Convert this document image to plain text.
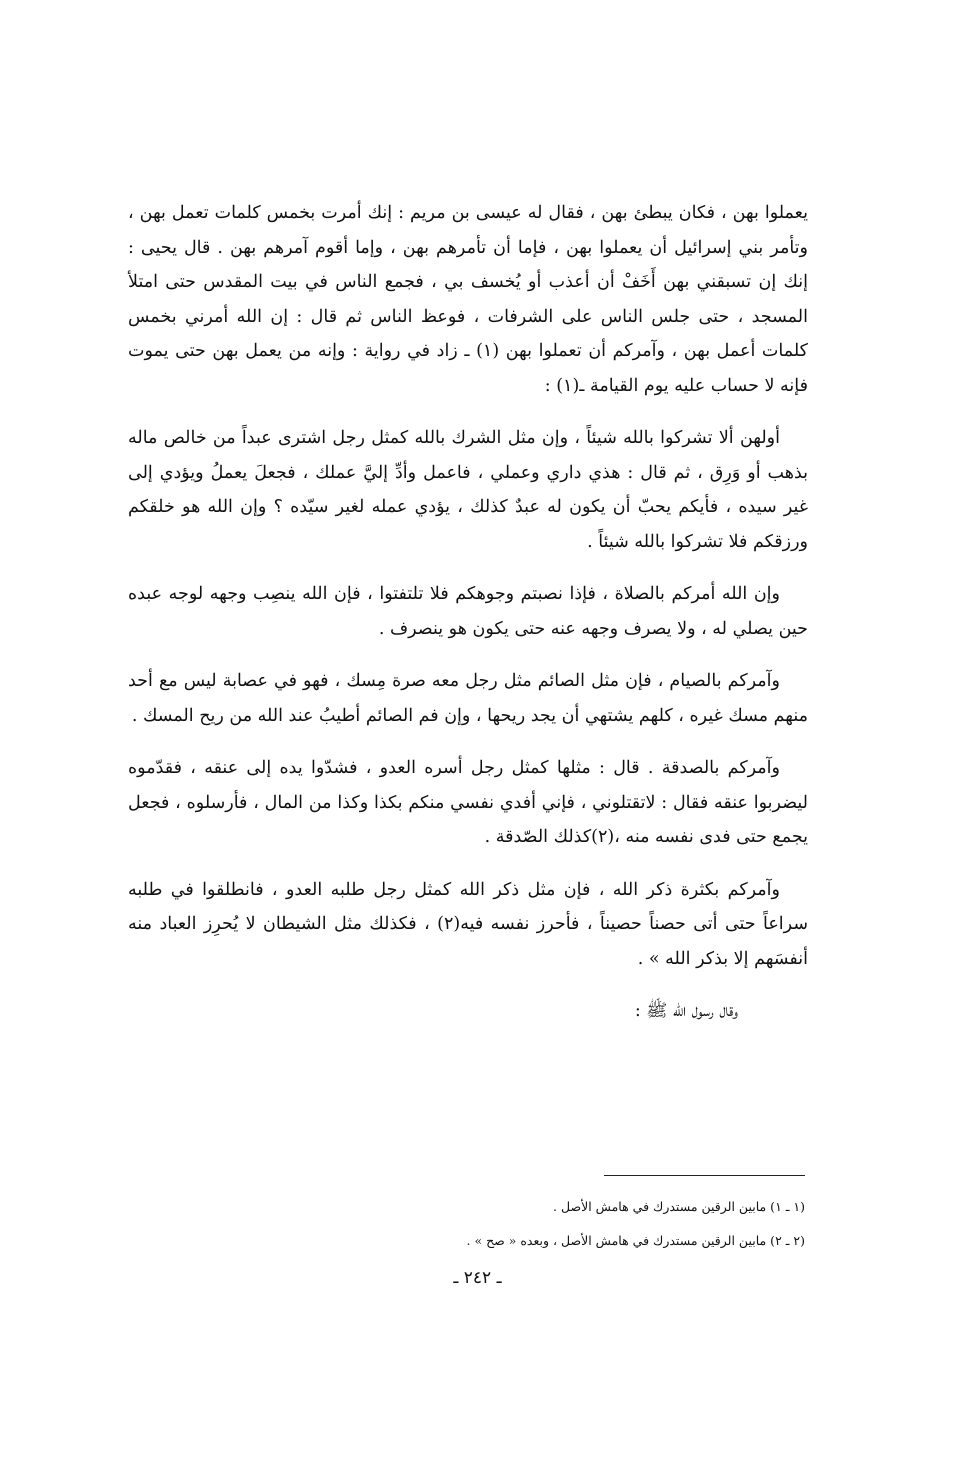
يعملوا بهن ، فكان يبطئ بهن ، فقال له عيسى بن مريم : إنك أمرت بخمس كلمات تعمل بهن ، وتأمر بني إسرائيل أن يعملوا بهن ، فإما أن تأمرهم بهن ، وإما أقوم آمرهم بهن . قال يحيى : إنك إن تسبقني بهن أَخَفْ أن أعذب أو يُخسف بي ، فجمع الناس في بيت المقدس حتى امتلأ المسجد ، حتى جلس الناس على الشرفات ، فوعظ الناس ثم قال : إن الله أمرني بخمس كلمات أعمل بهن ، وآمركم أن تعملوا بهن (١) ـ زاد في رواية : وإنه من يعمل بهن حتى يموت فإنه لا حساب عليه يوم القيامة ـ(١) :

أولهن ألا تشركوا بالله شيئاً ، وإن مثل الشرك بالله كمثل رجل اشترى عبداً من خالص ماله بذهب أو وَرِق ، ثم قال : هذي داري وعملي ، فاعمل وأدِّ إليَّ عملك ، فجعلَ يعملُ ويؤدي إلى غير سيده ، فأيكم يحبّ أن يكون له عبدٌ كذلك ، يؤدي عمله لغير سيّده ؟ وإن الله هو خلقكم ورزقكم فلا تشركوا بالله شيئاً .

وإن الله أمركم بالصلاة ، فإذا نصبتم وجوهكم فلا تلتفتوا ، فإن الله ينصِب وجهه لوجه عبده حين يصلي له ، ولا يصرف وجهه عنه حتى يكون هو ينصرف .

وآمركم بالصيام ، فإن مثل الصائم مثل رجل معه صرة مِسك ، فهو في عصابة ليس مع أحد منهم مسك غيره ، كلهم يشتهي أن يجد ريحها ، وإن فم الصائم أطيبُ عند الله من ريح المسك .

وآمركم بالصدقة . قال : مثلها كمثل رجل أسره العدو ، فشدّوا يده إلى عنقه ، فقدّموه ليضربوا عنقه فقال : لاتقتلوني ، فإني أفدي نفسي منكم بكذا وكذا من المال ، فأرسلوه ، فجعل يجمع حتى فدى نفسه منه ،(٢)كذلك الصّدقة .

وآمركم بكثرة ذكر الله ، فإن مثل ذكر الله كمثل رجل طلبه العدو ، فانطلقوا في طلبه سراعاً حتى أتى حصناً حصيناً ، فأحرز نفسه فيه(٢) ، فكذلك مثل الشيطان لا يُحرِز العباد منه أنفسَهم إلا بذكر الله » .

وقال رسول الله ﷺ :

(١ ـ ١) مابين الرقين مستدرك في هامش الأصل .

(٢ ـ ٢) مابين الرقين مستدرك في هامش الأصل ، وبعده « صح » .

ـ ٢٤٢ ـ
